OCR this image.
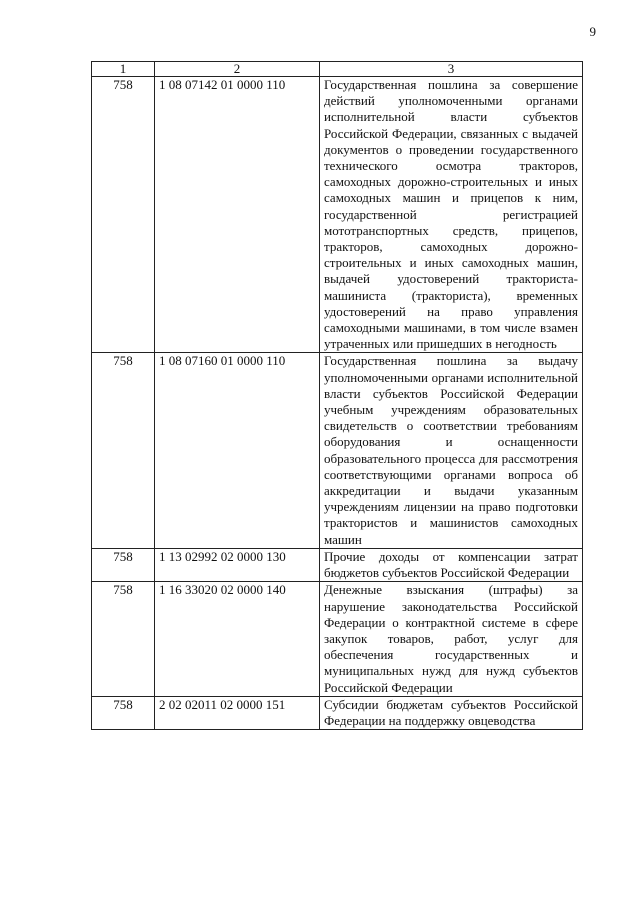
9
1	2	3
758	1 08 07142 01 0000 110	Государственная пошлина за совершение действий уполномоченными органами исполнительной власти субъектов Российской Федерации, связанных с выдачей документов о проведении государственного технического осмотра тракторов, самоходных дорожно-строительных и иных самоходных машин и прицепов к ним, государственной регистрацией мототранспортных средств, прицепов, тракторов, самоходных дорожно-строительных и иных самоходных машин, выдачей удостоверений тракториста-машиниста (тракториста), временных удостоверений на право управления самоходными машинами, в том числе взамен утраченных или пришедших в негодность
758	1 08 07160 01 0000 110	Государственная пошлина за выдачу уполномоченными органами исполнительной власти субъектов Российской Федерации учебным учреждениям образовательных свидетельств о соответствии требованиям оборудования и оснащенности образовательного процесса для рассмотрения соответствующими органами вопроса об аккредитации и выдачи указанным учреждениям лицензии на право подготовки трактористов и машинистов самоходных машин
758	1 13 02992 02 0000 130	Прочие доходы от компенсации затрат бюджетов субъектов Российской Федерации
758	1 16 33020 02 0000 140	Денежные взыскания (штрафы) за нарушение законодательства Российской Федерации о контрактной системе в сфере закупок товаров, работ, услуг для обеспечения государственных и муниципальных нужд для нужд субъектов Российской Федерации
758	2 02 02011 02 0000 151	Субсидии бюджетам субъектов Российской Федерации на поддержку овцеводства
